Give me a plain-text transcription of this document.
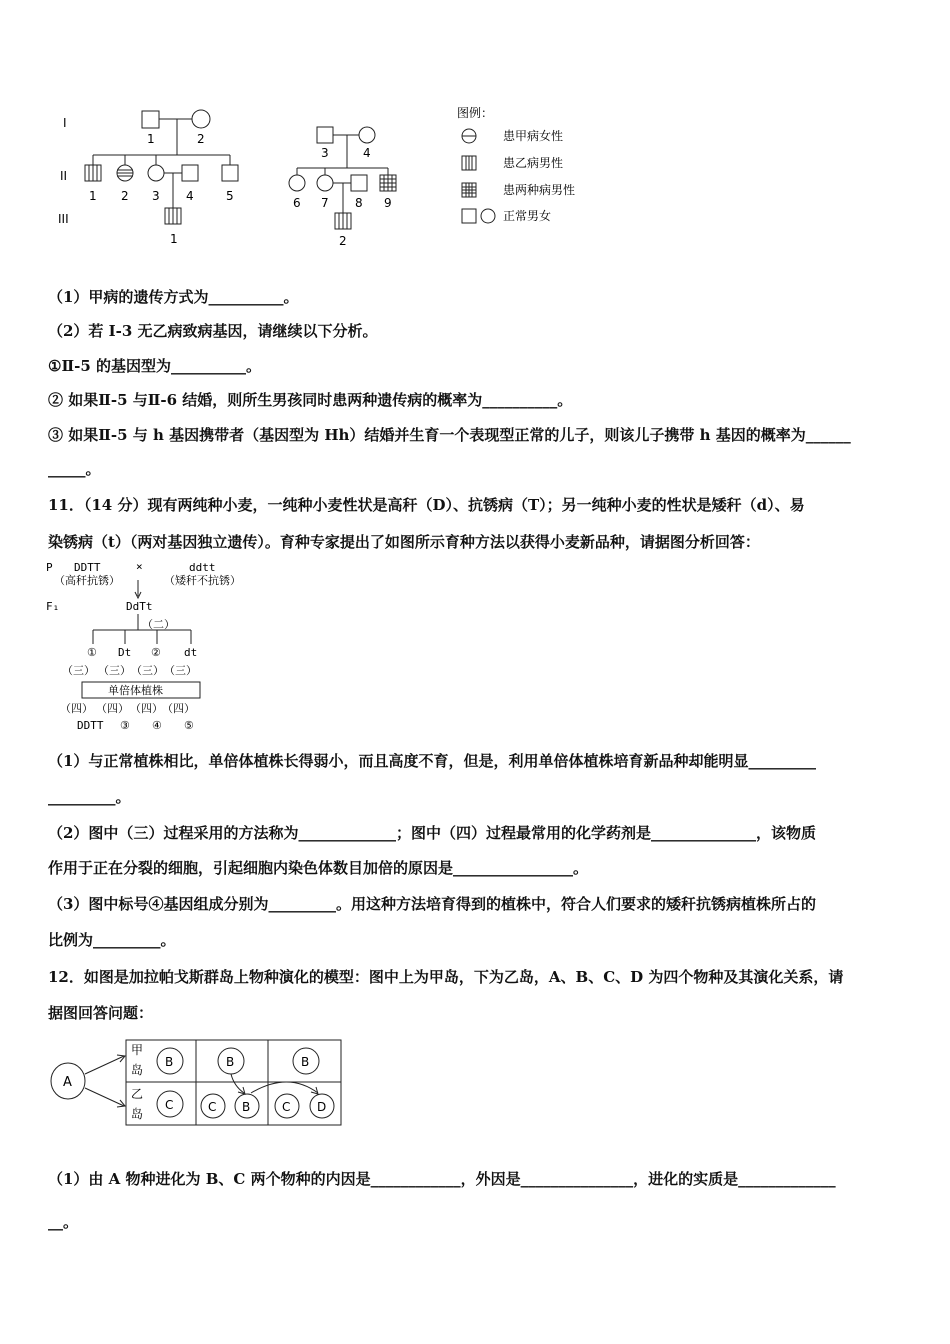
I
II
III
1	2
1 2 3 4	5
1
3	4
6 7 8 9
2
图例：
患甲病女性
患乙病男性
患两种病男性
正常男女
（1）甲病的遗传方式为__________。
（2）若 I-3 无乙病致病基因，请继续以下分析。
①Ⅱ-5 的基因型为__________。
② 如果Ⅱ-5 与Ⅱ-6 结婚，则所生男孩同时患两种遗传病的概率为__________。
③ 如果Ⅱ-5 与 h 基因携带者（基因型为 Hh）结婚并生育一个表现型正常的儿子，则该儿子携带 h 基因的概率为______
_____。
11．（14 分）现有两纯种小麦，一纯种小麦性状是高秆（D）、抗锈病（T）；另一纯种小麦的性状是矮秆（d）、易
染锈病（t）（两对基因独立遗传）。育种专家提出了如图所示育种方法以获得小麦新品种，请据图分析回答：
P DDTT
（高秆抗锈）
×	ddtt
（矮秆不抗锈）
F₁	DdTt
（二）
① Dt ② dt
（三） （三） （三） （三）
单倍体植株
（四） （四） （四） （四）
DDTT ③ ④ ⑤
（1）与正常植株相比，单倍体植株长得弱小，而且高度不育，但是，利用单倍体植株培育新品种却能明显_________
_________。
（2）图中（三）过程采用的方法称为_____________；图中（四）过程最常用的化学药剂是______________，该物质
作用于正在分裂的细胞，引起细胞内染色体数目加倍的原因是________________。
（3）图中标号④基因组成分别为_________。用这种方法培育得到的植株中，符合人们要求的矮秆抗锈病植株所占的
比例为_________。
12．如图是加拉帕戈斯群岛上物种演化的模型：图中上为甲岛，下为乙岛，A、B、C、D 为四个物种及其演化关系，请
据图回答问题：
A
甲
岛
乙
岛
B	B	B
C	C B	C D
（1）由 A 物种进化为 B、C 两个物种的内因是____________，外因是_______________，进化的实质是_____________
__。
